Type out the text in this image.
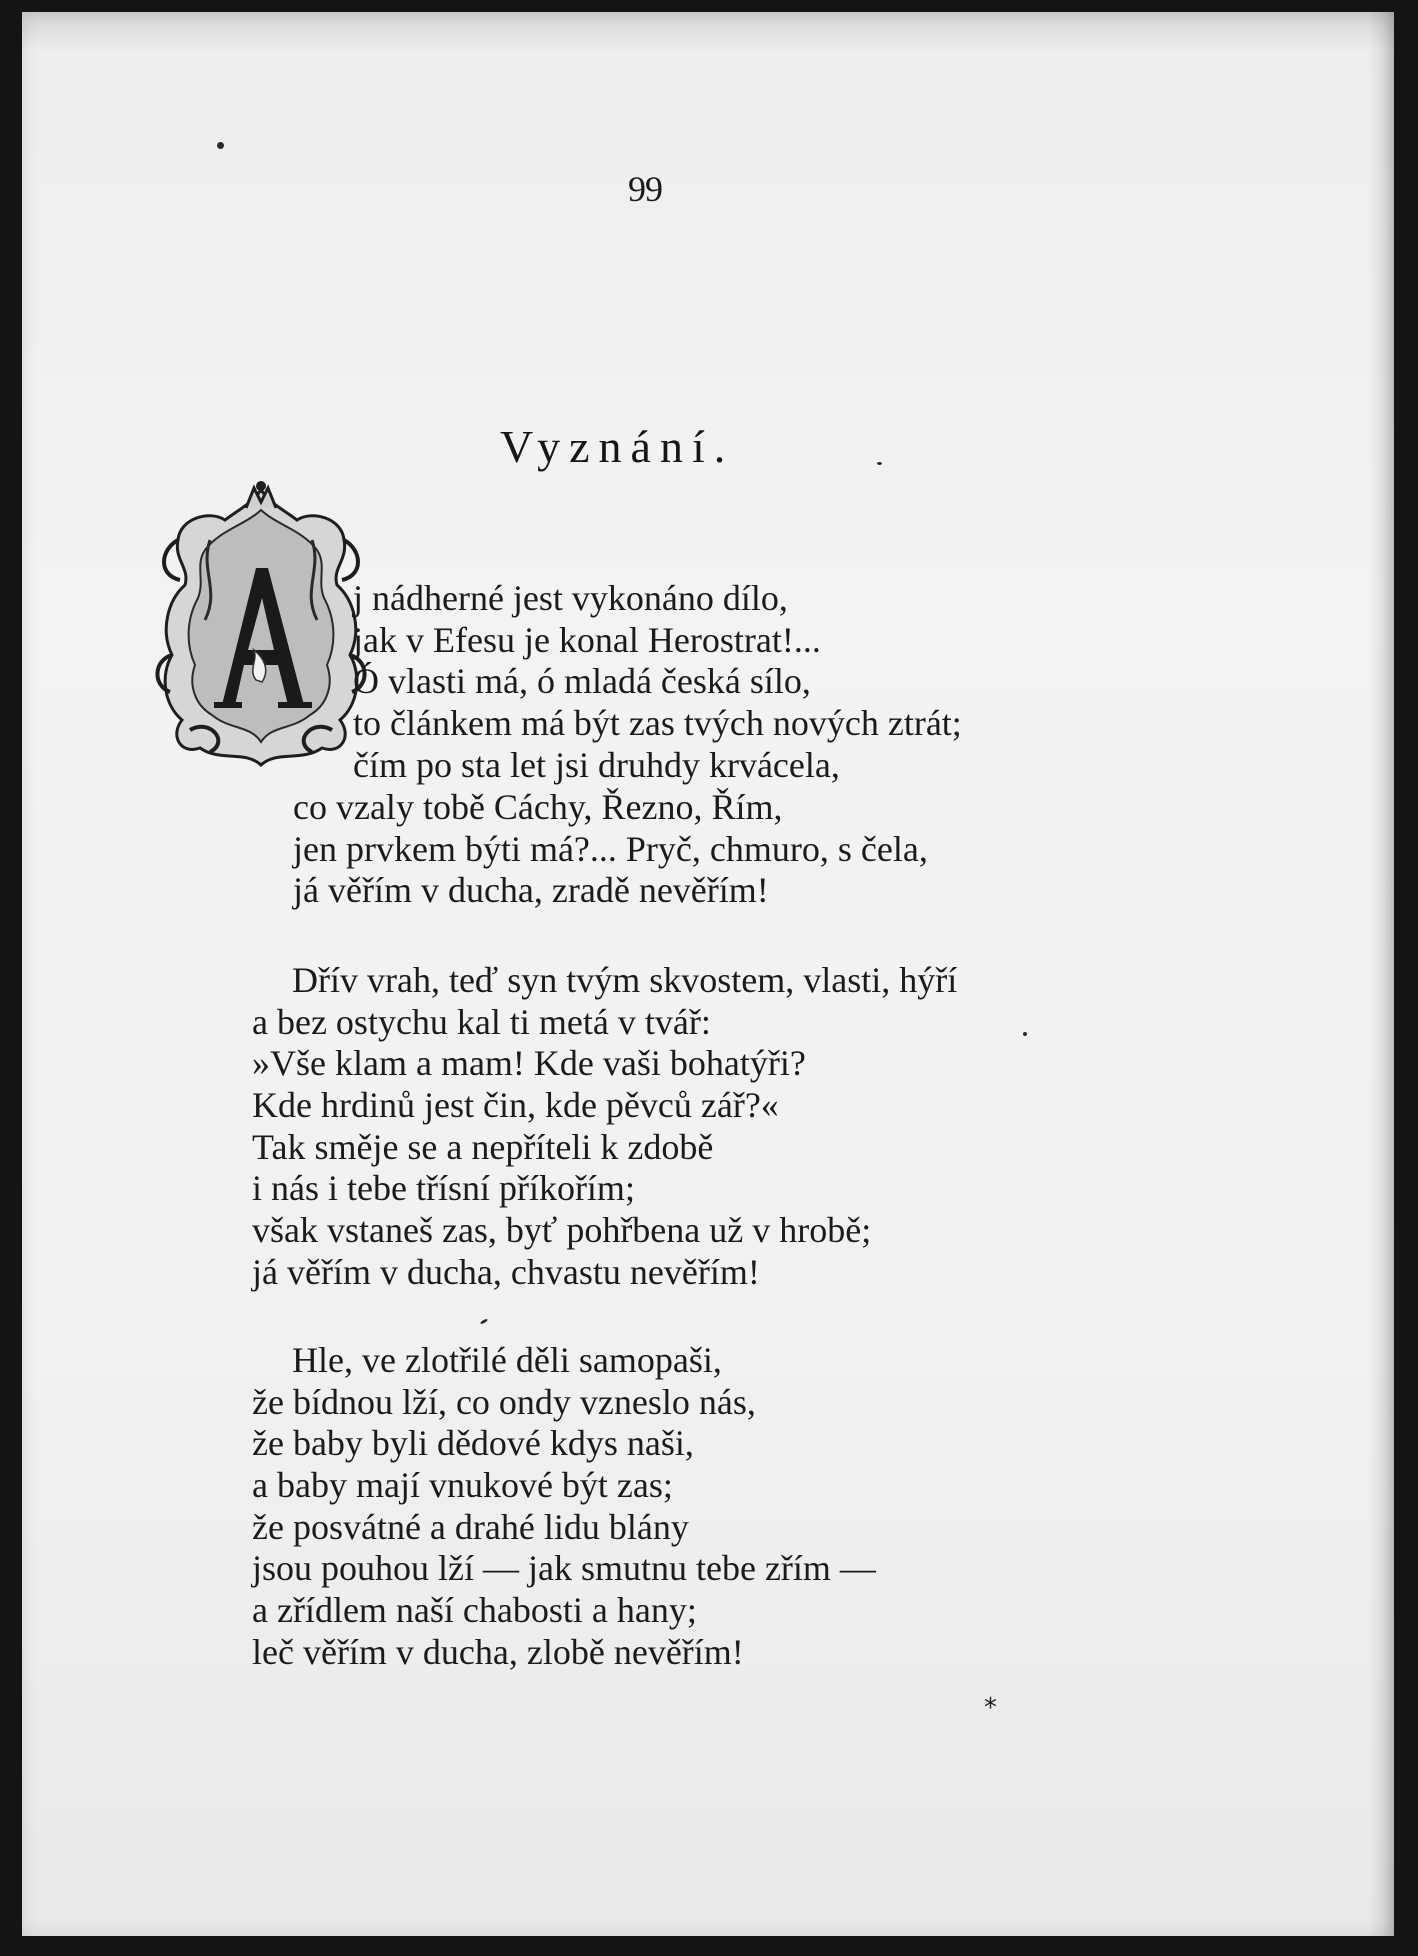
99
Vyznání.
j nádherné jest vykonáno dílo,
jak v Efesu je konal Herostrat!...
Ó vlasti má, ó mladá česká sílo,
to článkem má být zas tvých nových ztrát;
čím po sta let jsi druhdy krvácela,
co vzaly tobě Cáchy, Řezno, Řím,
jen prvkem býti má?... Pryč, chmuro, s čela,
já věřím v ducha, zradě nevěřím!
Dřív vrah, teď syn tvým skvostem, vlasti, hýří
a bez ostychu kal ti metá v tvář:
»Vše klam a mam! Kde vaši bohatýři?
Kde hrdinů jest čin, kde pěvců zář?«
Tak směje se a nepříteli k zdobě
i nás i tebe třísní příkořím;
však vstaneš zas, byť pohřbena už v hrobě;
já věřím v ducha, chvastu nevěřím!
Hle, ve zlotřilé děli samopaši,
že bídnou lží, co ondy vzneslo nás,
že baby byli dědové kdys naši,
a baby mají vnukové být zas;
že posvátné a drahé lidu blány
jsou pouhou lží — jak smutnu tebe zřím —
a zřídlem naší chabosti a hany;
leč věřím v ducha, zlobě nevěřím!
*
